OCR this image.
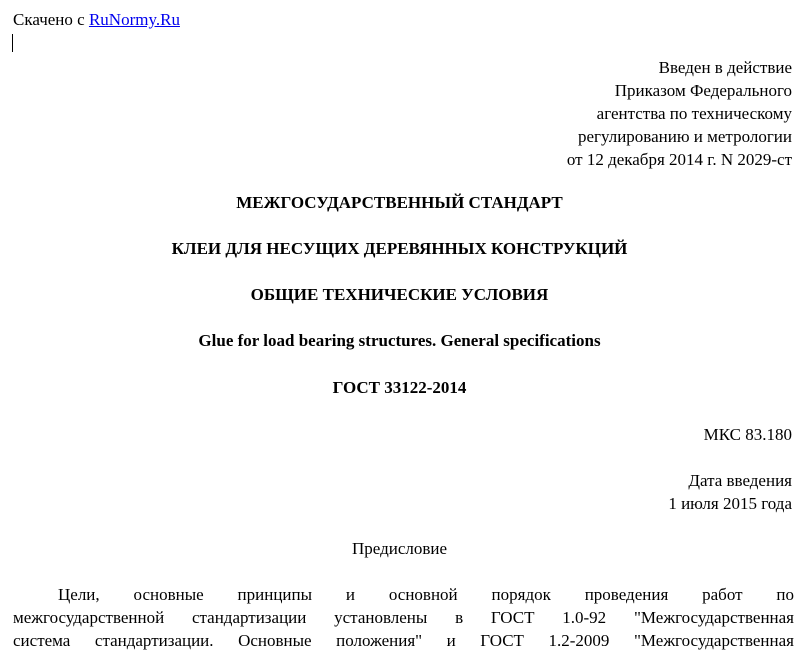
Скачено с RuNormy.Ru
Введен в действие
Приказом Федерального
агентства по техническому
регулированию и метрологии
от 12 декабря 2014 г. N 2029-ст
МЕЖГОСУДАРСТВЕННЫЙ СТАНДАРТ
КЛЕИ ДЛЯ НЕСУЩИХ ДЕРЕВЯННЫХ КОНСТРУКЦИЙ
ОБЩИЕ ТЕХНИЧЕСКИЕ УСЛОВИЯ
Glue for load bearing structures. General specifications
ГОСТ 33122-2014
МКС 83.180
Дата введения
1 июля 2015 года
Предисловие
Цели, основные принципы и основной порядок проведения работ по
межгосударственной стандартизации установлены в ГОСТ 1.0-92 "Межгосударственная
система стандартизации. Основные положения" и ГОСТ 1.2-2009 "Межгосударственная
